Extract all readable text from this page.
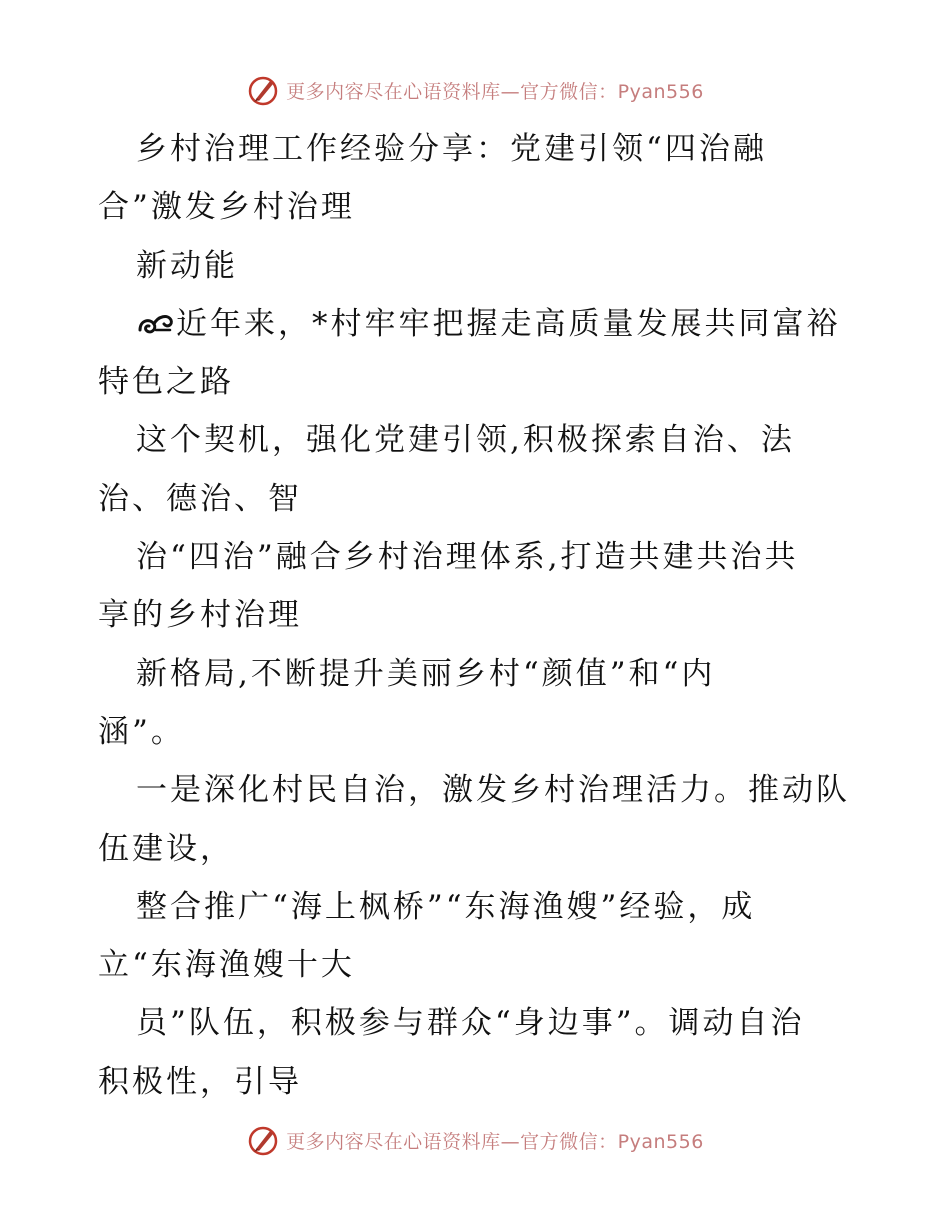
更多内容尽在心语资料库—官方微信：Pyan556
乡村治理工作经验分享：党建引领“四治融
合”激发乡村治理
新动能
近年来，*村牢牢把握走高质量发展共同富裕
特色之路
这个契机，强化党建引领,积极探索自治、法
治、德治、智
治“四治”融合乡村治理体系,打造共建共治共
享的乡村治理
新格局,不断提升美丽乡村“颜值”和“内
涵”。
一是深化村民自治，激发乡村治理活力。推动队
伍建设，
整合推广“海上枫桥”“东海渔嫂”经验，成
立“东海渔嫂十大
员”队伍，积极参与群众“身边事”。调动自治
积极性，引导
更多内容尽在心语资料库—官方微信：Pyan556
